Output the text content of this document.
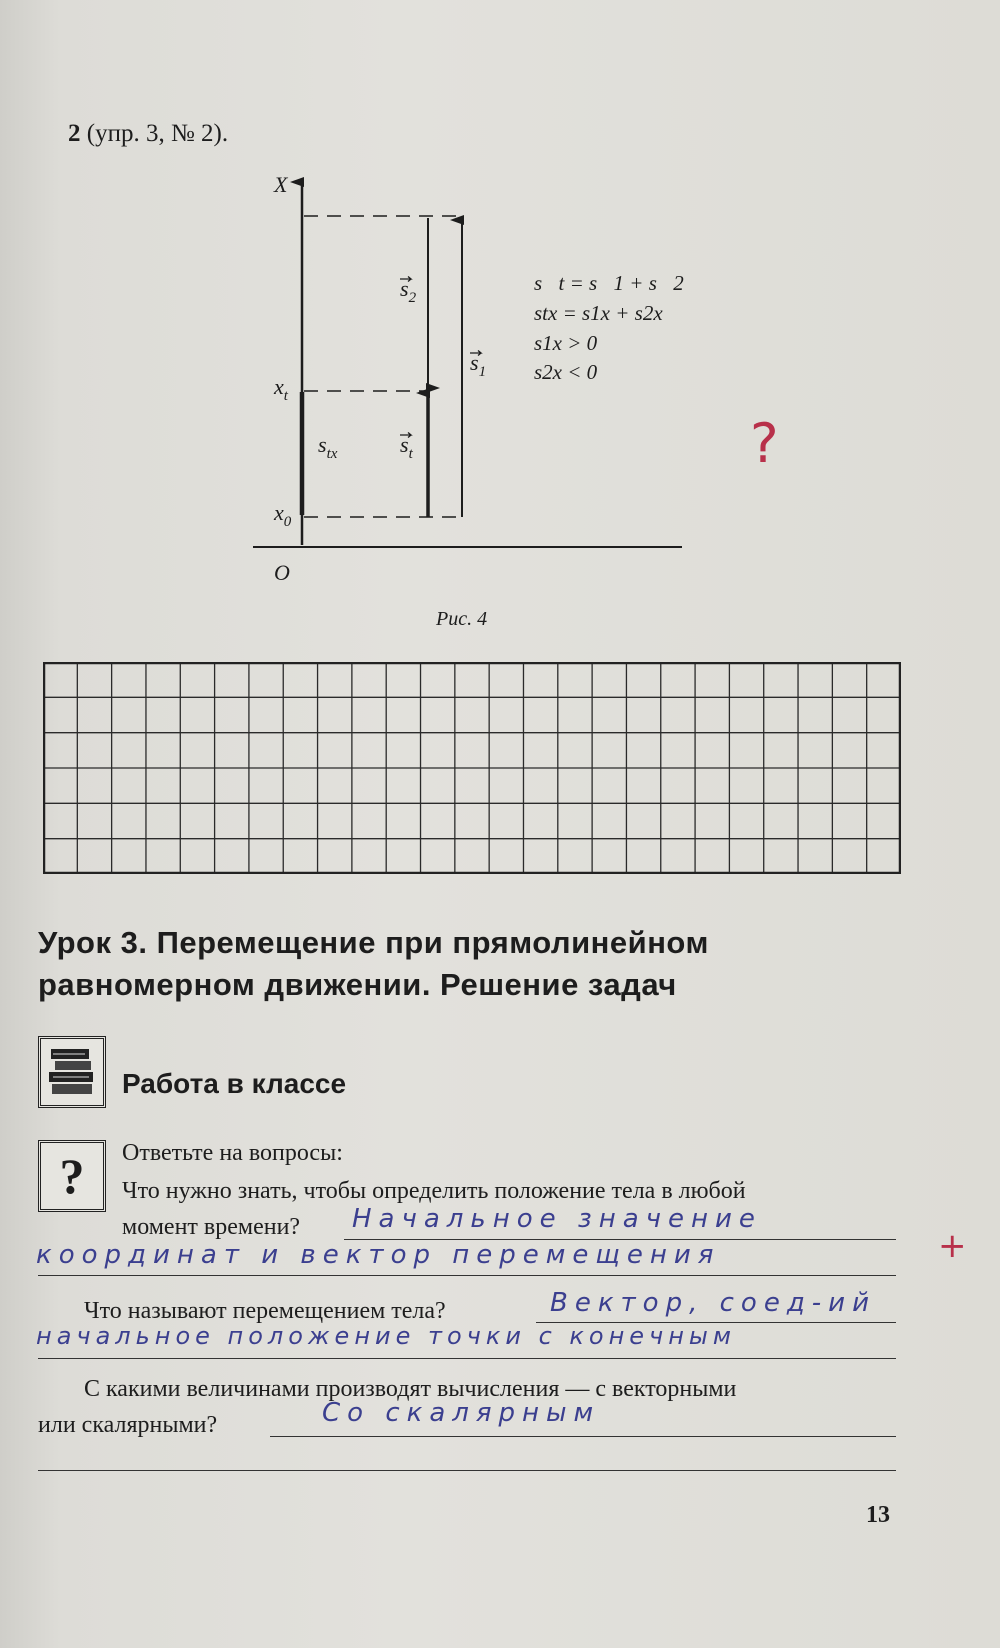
2 (упр. 3, № 2).
X
O
$x_t$
$x_0$
$s_2$
$s_1$
$s_t$
$s_{tx}$
s⃗t = s⃗1 + s⃗2
stx = s1x + s2x
s1x > 0
s2x < 0
?
Рис. 4
Урок 3. Перемещение при прямолинейном
равномерном движении. Решение задач
Работа в классе
?	Ответьте на вопросы:
Что нужно знать, чтобы определить положение тела в любой
момент времени? Начальное значение
координат и вектор перемещения	+
Что называют перемещением тела?	Вектор, соед-ий
начальное положение точки с конечным
С какими величинами производят вычисления — с векторными
или скалярными?	Со скалярным
13
